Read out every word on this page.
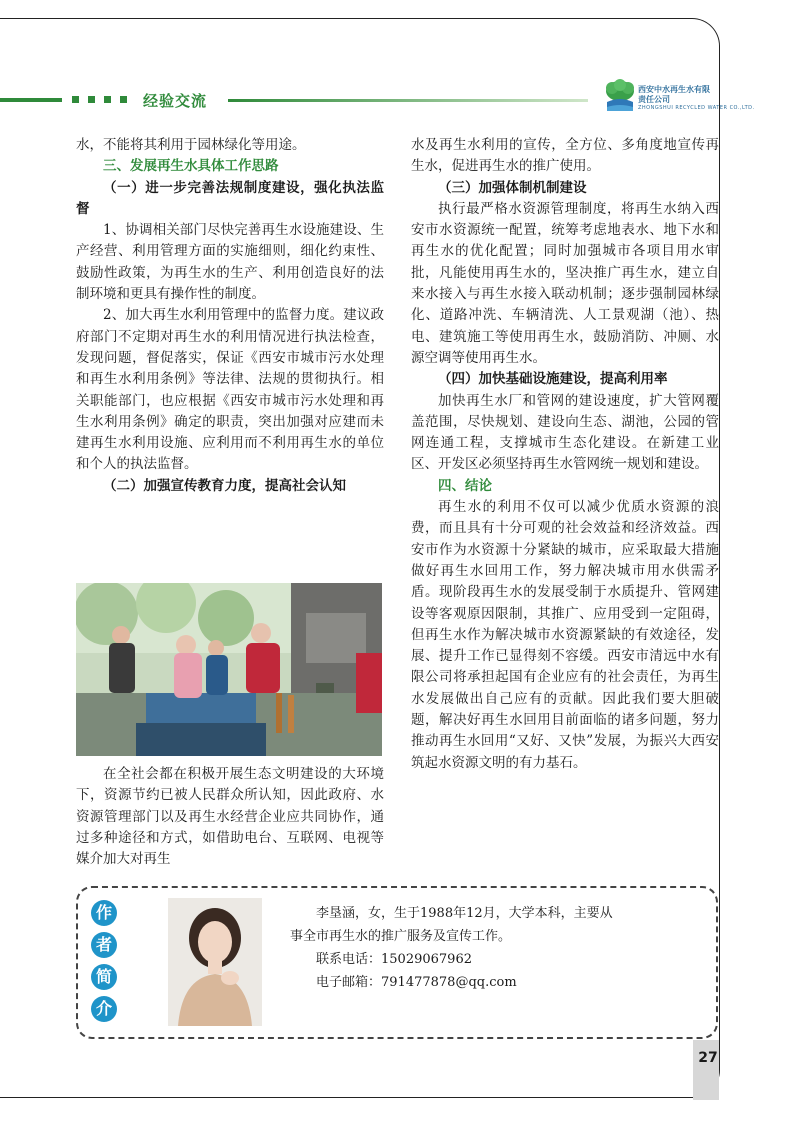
经验交流
西安中水再生水有限
责任公司
ZHONGSHUI RECYCLED WATER CO.,LTD.

水，不能将其利用于园林绿化等用途。

三、发展再生水具体工作思路

（一）进一步完善法规制度建设，强化执法监督

1、协调相关部门尽快完善再生水设施建设、生产经营、利用管理方面的实施细则，细化约束性、鼓励性政策，为再生水的生产、利用创造良好的法制环境和更具有操作性的制度。

2、加大再生水利用管理中的监督力度。建议政府部门不定期对再生水的利用情况进行执法检查，发现问题，督促落实，保证《西安市城市污水处理和再生水利用条例》等法律、法规的贯彻执行。相关职能部门，也应根据《西安市城市污水处理和再生水利用条例》确定的职责，突出加强对应建而未建再生水利用设施、应利用而不利用再生水的单位和个人的执法监督。

（二）加强宣传教育力度，提高社会认知

在全社会都在积极开展生态文明建设的大环境下，资源节约已被人民群众所认知，因此政府、水资源管理部门以及再生水经营企业应共同协作，通过多种途径和方式，如借助电台、互联网、电视等媒介加大对再生

水及再生水利用的宣传，全方位、多角度地宣传再生水，促进再生水的推广使用。

（三）加强体制机制建设

执行最严格水资源管理制度，将再生水纳入西安市水资源统一配置，统筹考虑地表水、地下水和再生水的优化配置；同时加强城市各项目用水审批，凡能使用再生水的，坚决推广再生水，建立自来水接入与再生水接入联动机制；逐步强制园林绿化、道路冲洗、车辆清洗、人工景观湖（池）、热电、建筑施工等使用再生水，鼓励消防、冲厕、水源空调等使用再生水。

（四）加快基础设施建设，提高利用率

加快再生水厂和管网的建设速度，扩大管网覆盖范围，尽快规划、建设向生态、湖池，公园的管网连通工程，支撑城市生态化建设。在新建工业区、开发区必须坚持再生水管网统一规划和建设。

四、结论

再生水的利用不仅可以减少优质水资源的浪费，而且具有十分可观的社会效益和经济效益。西安市作为水资源十分紧缺的城市，应采取最大措施做好再生水回用工作，努力解决城市用水供需矛盾。现阶段再生水的发展受制于水质提升、管网建设等客观原因限制，其推广、应用受到一定阻碍，但再生水作为解决城市水资源紧缺的有效途径，发展、提升工作已显得刻不容缓。西安市清远中水有限公司将承担起国有企业应有的社会责任，为再生水发展做出自己应有的贡献。因此我们要大胆破题，解决好再生水回用目前面临的诸多问题，努力推动再生水回用“又好、又快”发展，为振兴大西安筑起水资源文明的有力基石。

作
者
简
介

李垦涵，女，生于1988年12月，大学本科，主要从

事全市再生水的推广服务及宣传工作。

联系电话：15029067962

电子邮箱：791477878@qq.com

27
